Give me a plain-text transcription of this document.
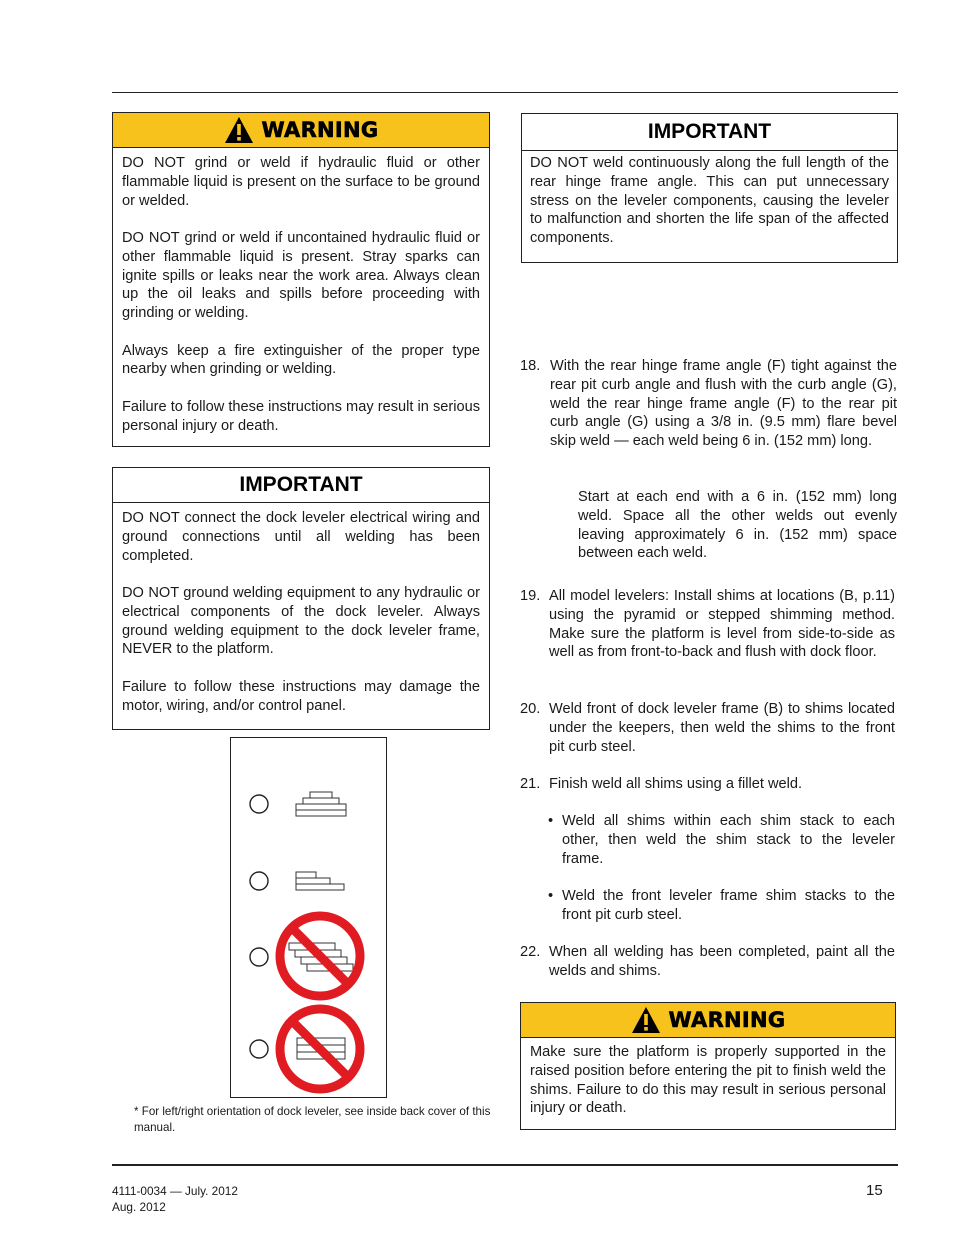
WARNING

DO NOT grind or weld if hydraulic fluid or other flammable liquid is present on the surface to be ground or welded.

DO NOT grind or weld if uncontained hydraulic fluid or other flammable liquid is present. Stray sparks can ignite spills or leaks near the work area. Always clean up the oil leaks and spills before proceeding with grinding or welding.

Always keep a fire extinguisher of the proper type nearby when grinding or welding.

Failure to follow these instructions may result in serious personal injury or death.

IMPORTANT

DO NOT connect the dock leveler electrical wiring and ground connections until all welding has been completed.

DO NOT ground welding equipment to any hydraulic or electrical components of the dock leveler. Always ground welding equipment to the dock leveler frame, NEVER to the platform.

Failure to follow these instructions may damage the motor, wiring, and/or control panel.

IMPORTANT

DO NOT weld continuously along the full length of the rear hinge frame angle. This can put unnecessary stress on the leveler components, causing the leveler to malfunction and shorten the life span of the affected components.

18. With the rear hinge frame angle (F) tight against the rear pit curb angle and flush with the curb angle (G), weld the rear hinge frame angle (F) to the rear pit curb angle (G) using a 3/8 in. (9.5 mm) flare bevel skip weld — each weld being 6 in. (152 mm) long.
Start at each end with a 6 in. (152 mm) long weld. Space all the other welds out evenly leaving approximately 6 in. (152 mm) space between each weld.
19. All model levelers: Install shims at locations (B, p.11) using the pyramid or stepped shimming method. Make sure the platform is level from side-to-side as well as from front-to-back and flush with dock floor.
20. Weld front of dock leveler frame (B) to shims located under the keepers, then weld the shims to the front pit curb steel.
21. Finish weld all shims using a fillet weld.
• Weld all shims within each shim stack to each other, then weld the shim stack to the leveler frame.
• Weld the front leveler frame shim stacks to the front pit curb steel.
22. When all welding has been completed, paint all the welds and shims.
WARNING

Make sure the platform is properly supported in the raised position before entering the pit to finish weld the shims. Failure to do this may result in serious personal injury or death.

* For left/right orientation of dock leveler, see inside back cover of this manual.
4111-0034 — July. 2012
Aug. 2012
15
